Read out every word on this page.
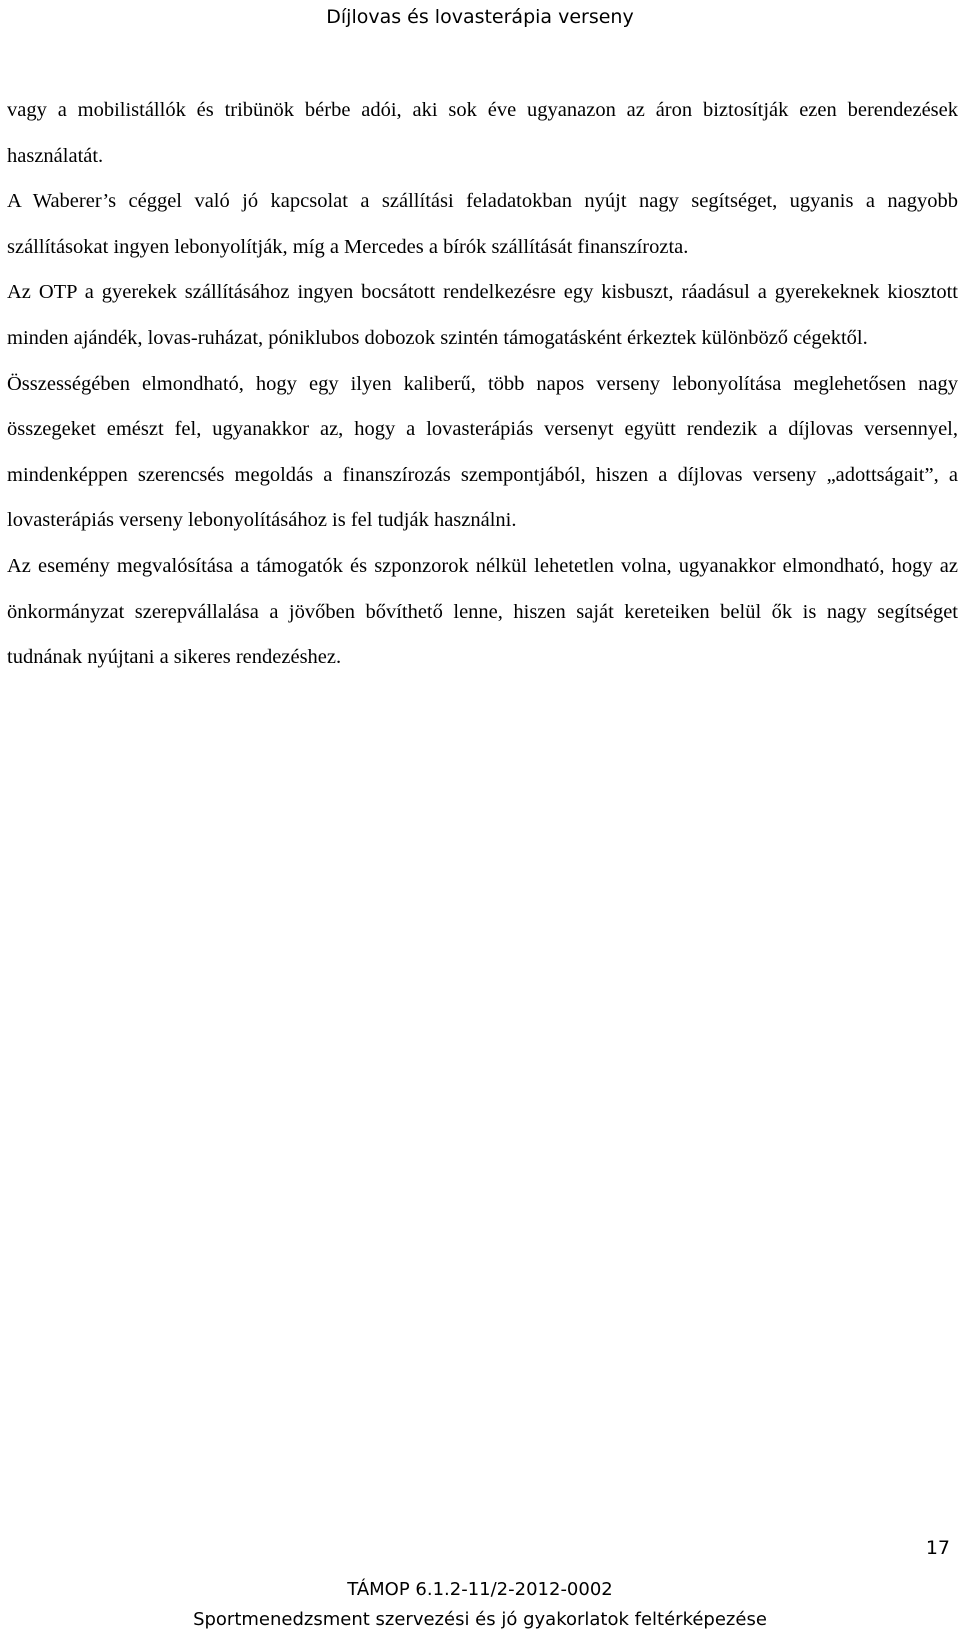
Díjlovas és lovasterápia verseny

vagy a mobilistállók és tribünök bérbe adói, aki sok éve ugyanazon az áron biztosítják ezen berendezések használatát.

A Waberer’s céggel való jó kapcsolat a szállítási feladatokban nyújt nagy segítséget, ugyanis a nagyobb szállításokat ingyen lebonyolítják, míg a Mercedes a bírók szállítását finanszírozta.

Az OTP a gyerekek szállításához ingyen bocsátott rendelkezésre egy kisbuszt, ráadásul a gyerekeknek kiosztott minden ajándék, lovas-ruházat, póniklubos dobozok szintén támogatásként érkeztek különböző cégektől.

Összességében elmondható, hogy egy ilyen kaliberű, több napos verseny lebonyolítása meglehetősen nagy összegeket emészt fel, ugyanakkor az, hogy a lovasterápiás versenyt együtt rendezik a díjlovas versennyel, mindenképpen szerencsés megoldás a finanszírozás szempontjából, hiszen a díjlovas verseny „adottságait”, a lovasterápiás verseny lebonyolításához is fel tudják használni.

Az esemény megvalósítása a támogatók és szponzorok nélkül lehetetlen volna, ugyanakkor elmondható, hogy az önkormányzat szerepvállalása a jövőben bővíthető lenne, hiszen saját kereteiken belül ők is nagy segítséget tudnának nyújtani a sikeres rendezéshez.

17
TÁMOP 6.1.2-11/2-2012-0002
Sportmenedzsment szervezési és jó gyakorlatok feltérképezése
